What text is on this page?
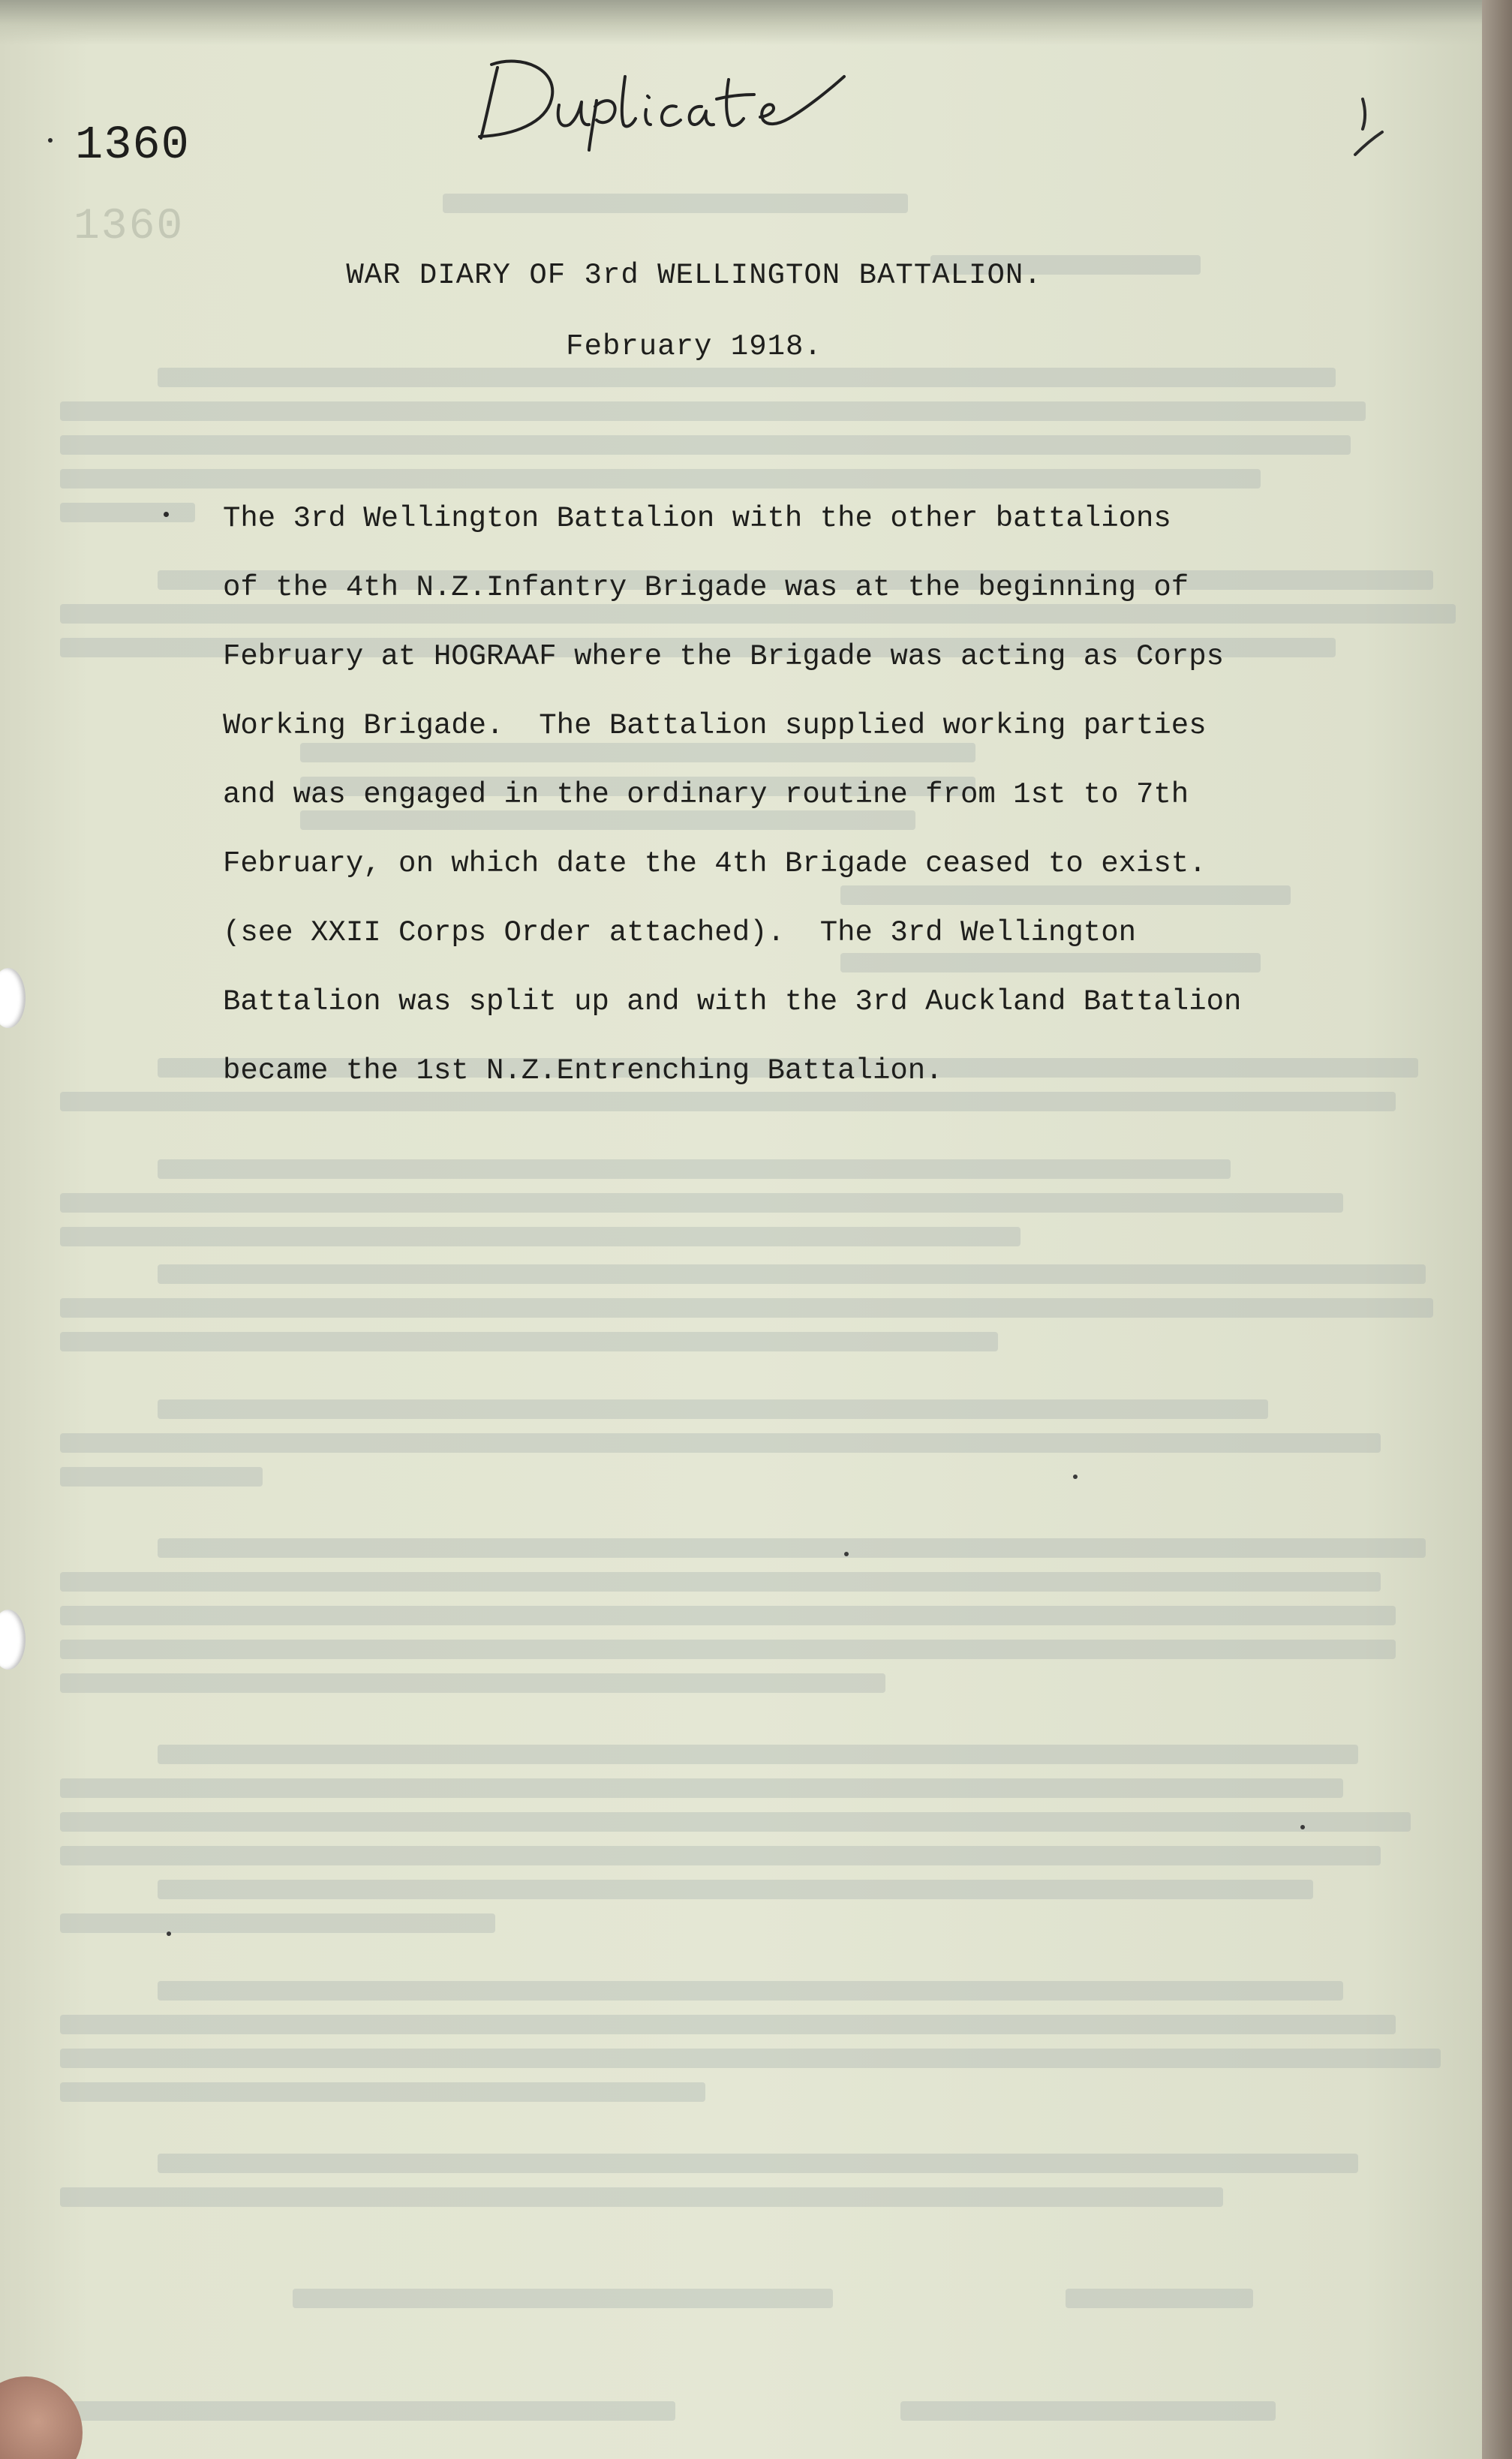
1360
1360
WAR DIARY OF 3rd WELLINGTON BATTALION.
February 1918.
The 3rd Wellington Battalion with the other battalions
of the 4th N.Z.Infantry Brigade was at the beginning of
February at HOGRAAF where the Brigade was acting as Corps
Working Brigade.  The Battalion supplied working parties
and was engaged in the ordinary routine from 1st to 7th
February, on which date the 4th Brigade ceased to exist.
(see XXII Corps Order attached).  The 3rd Wellington
Battalion was split up and with the 3rd Auckland Battalion
became the 1st N.Z.Entrenching Battalion.
